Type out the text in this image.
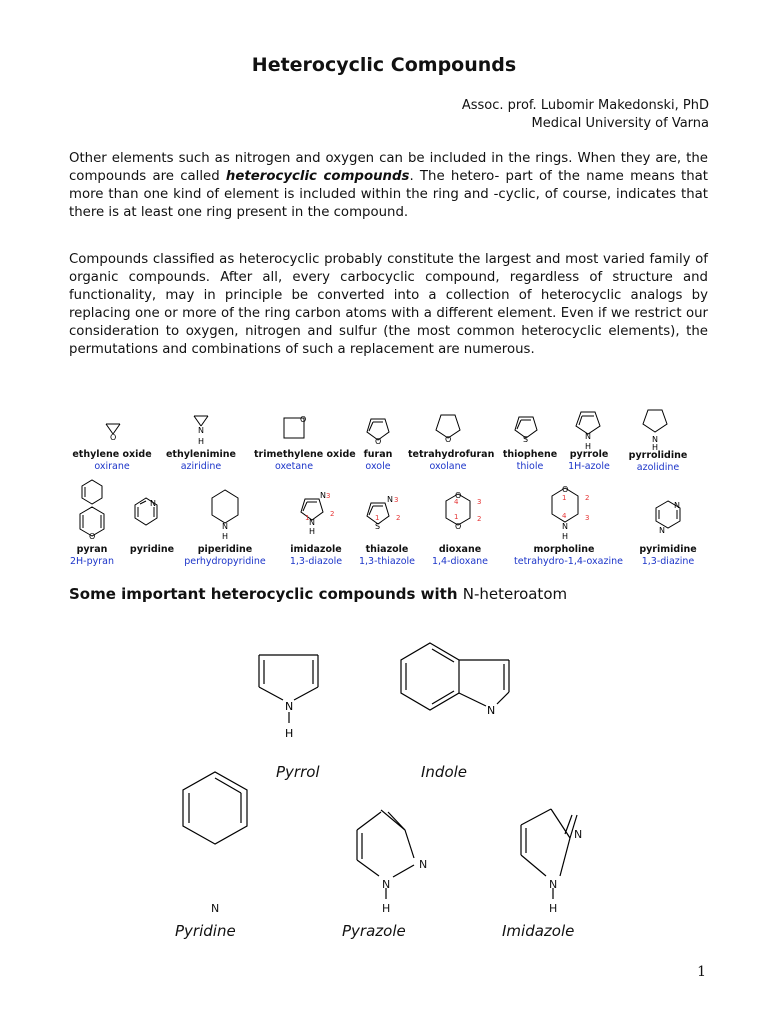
Heterocyclic Compounds
Assoc. prof. Lubomir Makedonski, PhD
Medical University of Varna
Other elements such as nitrogen and oxygen can be included in the rings. When they are, the compounds are called heterocyclic compounds. The hetero- part of the name means that more than one kind of element is included within the ring and -cyclic, of course, indicates that there is at least one ring present in the compound.
Compounds classified as heterocyclic probably constitute the largest and most varied family of organic compounds. After all, every carbocyclic compound, regardless of structure and functionality, may in principle be converted into a collection of heterocyclic analogs by replacing one or more of the ring carbon atoms with a different element. Even if we restrict our consideration to oxygen, nitrogen and sulfur (the most common heterocyclic elements), the permutations and combinations of such a replacement are numerous.
O
N
H
O
O	O	S	N
H
N
H
O
N
N
H
N
N
H
3
2
1
N
S
3
2
1
O
O
4	3
2
1
O
N
H
1	2
3
4
N
N
ethylene oxide
oxirane
ethylenimine
aziridine
trimethylene oxide
oxetane
furan
oxole
tetrahydrofuran
oxolane
thiophene
thiole
pyrrole
1H-azole
pyrrolidine
azolidine
pyran
2H-pyran
pyridine	piperidine
perhydropyridine
imidazole
1,3-diazole
thiazole
1,3-thiazole
dioxane
1,4-dioxane
morpholine
tetrahydro-1,4-oxazine
pyrimidine
1,3-diazine
Some important heterocyclic compounds with N-heteroatom
N
H
N
N
N
N
H
N
N
H
Pyrrol	Indole
Pyridine	Pyrazole	Imidazole
1
